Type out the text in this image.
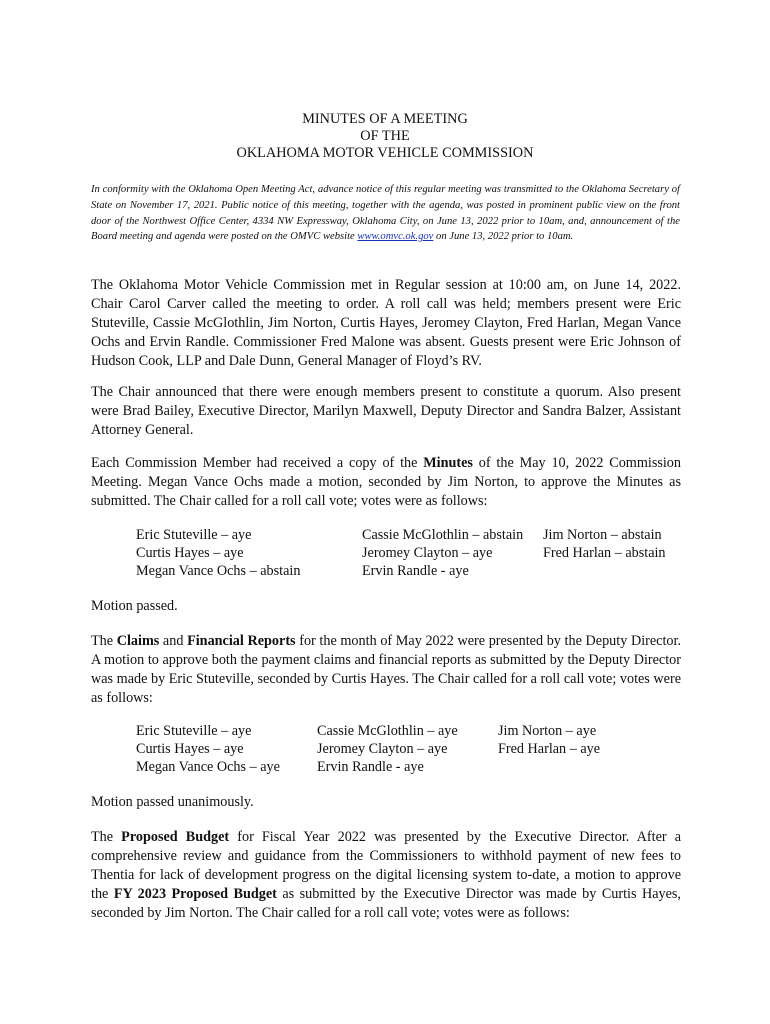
MINUTES OF A MEETING
OF THE
OKLAHOMA MOTOR VEHICLE COMMISSION
In conformity with the Oklahoma Open Meeting Act, advance notice of this regular meeting was transmitted to the Oklahoma Secretary of State on November 17, 2021. Public notice of this meeting, together with the agenda, was posted in prominent public view on the front door of the Northwest Office Center, 4334 NW Expressway, Oklahoma City, on June 13, 2022 prior to 10am, and, announcement of the Board meeting and agenda were posted on the OMVC website www.omvc.ok.gov on June 13, 2022 prior to 10am.
The Oklahoma Motor Vehicle Commission met in Regular session at 10:00 am, on June 14, 2022. Chair Carol Carver called the meeting to order. A roll call was held; members present were Eric Stuteville, Cassie McGlothlin, Jim Norton, Curtis Hayes, Jeromey Clayton, Fred Harlan, Megan Vance Ochs and Ervin Randle. Commissioner Fred Malone was absent. Guests present were Eric Johnson of Hudson Cook, LLP and Dale Dunn, General Manager of Floyd’s RV.
The Chair announced that there were enough members present to constitute a quorum. Also present were Brad Bailey, Executive Director, Marilyn Maxwell, Deputy Director and Sandra Balzer, Assistant Attorney General.
Each Commission Member had received a copy of the Minutes of the May 10, 2022 Commission Meeting. Megan Vance Ochs made a motion, seconded by Jim Norton, to approve the Minutes as submitted. The Chair called for a roll call vote; votes were as follows:
Eric Stuteville – aye
Curtis Hayes – aye
Megan Vance Ochs – abstain
Cassie McGlothlin – abstain
Jeromey Clayton – aye
Ervin Randle - aye
Jim Norton – abstain
Fred Harlan – abstain
Motion passed.
The Claims and Financial Reports for the month of May 2022 were presented by the Deputy Director. A motion to approve both the payment claims and financial reports as submitted by the Deputy Director was made by Eric Stuteville, seconded by Curtis Hayes. The Chair called for a roll call vote; votes were as follows:
Eric Stuteville – aye
Curtis Hayes – aye
Megan Vance Ochs – aye
Cassie McGlothlin – aye
Jeromey Clayton – aye
Ervin Randle - aye
Jim Norton – aye
Fred Harlan – aye
Motion passed unanimously.
The Proposed Budget for Fiscal Year 2022 was presented by the Executive Director. After a comprehensive review and guidance from the Commissioners to withhold payment of new fees to Thentia for lack of development progress on the digital licensing system to-date, a motion to approve the FY 2023 Proposed Budget as submitted by the Executive Director was made by Curtis Hayes, seconded by Jim Norton. The Chair called for a roll call vote; votes were as follows:
